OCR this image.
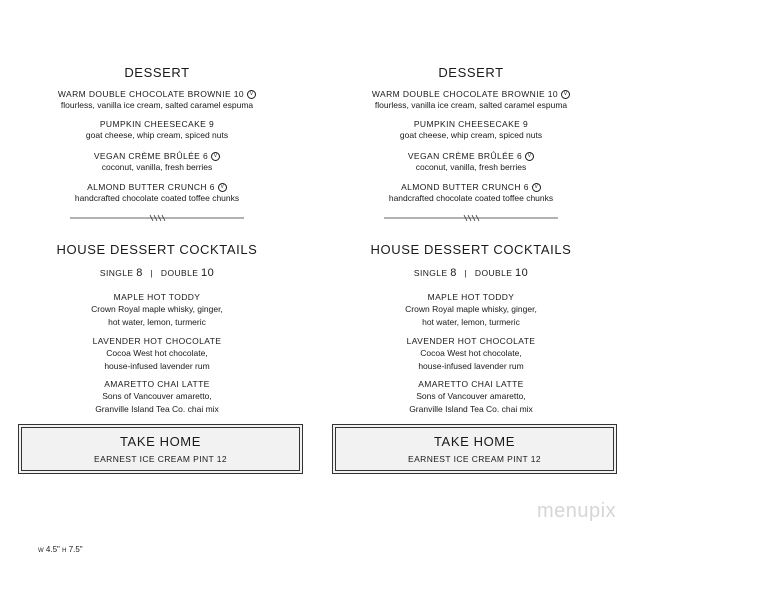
DESSERT
WARM DOUBLE CHOCOLATE BROWNIE 10 V
flourless, vanilla ice cream, salted caramel espuma
PUMPKIN CHEESECAKE 9
goat cheese, whip cream, spiced nuts
VEGAN CRÈME BRÛLÉE 6 V
coconut, vanilla, fresh berries
ALMOND BUTTER CRUNCH 6 V
handcrafted chocolate coated toffee chunks
HOUSE DESSERT COCKTAILS
SINGLE 8 | DOUBLE 10
MAPLE HOT TODDY
Crown Royal maple whisky, ginger,
hot water, lemon, turmeric
LAVENDER HOT CHOCOLATE
Cocoa West hot chocolate,
house-infused lavender rum
AMARETTO CHAI LATTE
Sons of Vancouver amaretto,
Granville Island Tea Co. chai mix
TAKE HOME
EARNEST ICE CREAM PINT 12
DESSERT
WARM DOUBLE CHOCOLATE BROWNIE 10 V
flourless, vanilla ice cream, salted caramel espuma
PUMPKIN CHEESECAKE 9
goat cheese, whip cream, spiced nuts
VEGAN CRÈME BRÛLÉE 6 V
coconut, vanilla, fresh berries
ALMOND BUTTER CRUNCH 6 V
handcrafted chocolate coated toffee chunks
HOUSE DESSERT COCKTAILS
SINGLE 8 | DOUBLE 10
MAPLE HOT TODDY
Crown Royal maple whisky, ginger,
hot water, lemon, turmeric
LAVENDER HOT CHOCOLATE
Cocoa West hot chocolate,
house-infused lavender rum
AMARETTO CHAI LATTE
Sons of Vancouver amaretto,
Granville Island Tea Co. chai mix
TAKE HOME
EARNEST ICE CREAM PINT 12
W 4.5" H 7.5"
menupix
